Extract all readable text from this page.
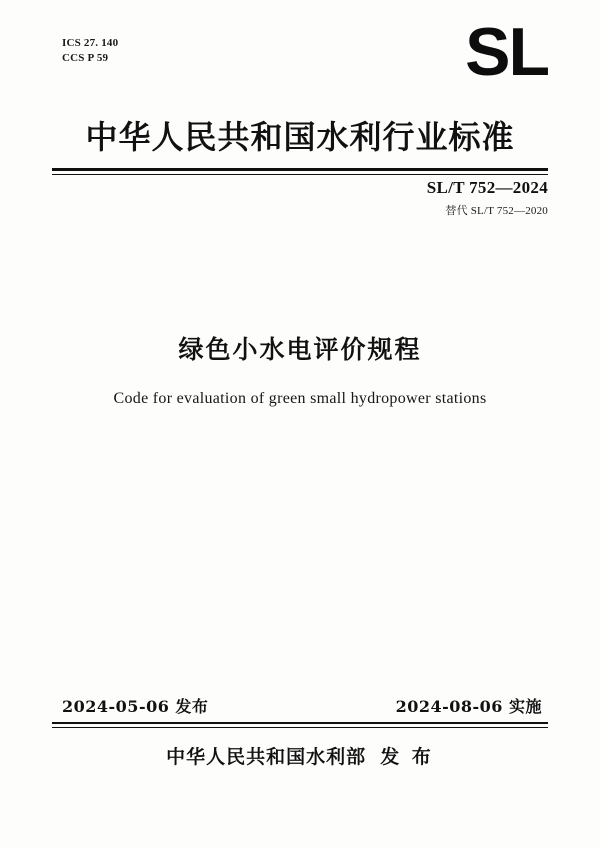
ICS 27. 140
CCS P 59	SL
中华人民共和国水利行业标准
SL/T 752—2024
替代 SL/T 752—2020
绿色小水电评价规程
Code for evaluation of green small hydropower stations
2024-05-06 发布	2024-08-06 实施
中华人民共和国水利部 发 布
